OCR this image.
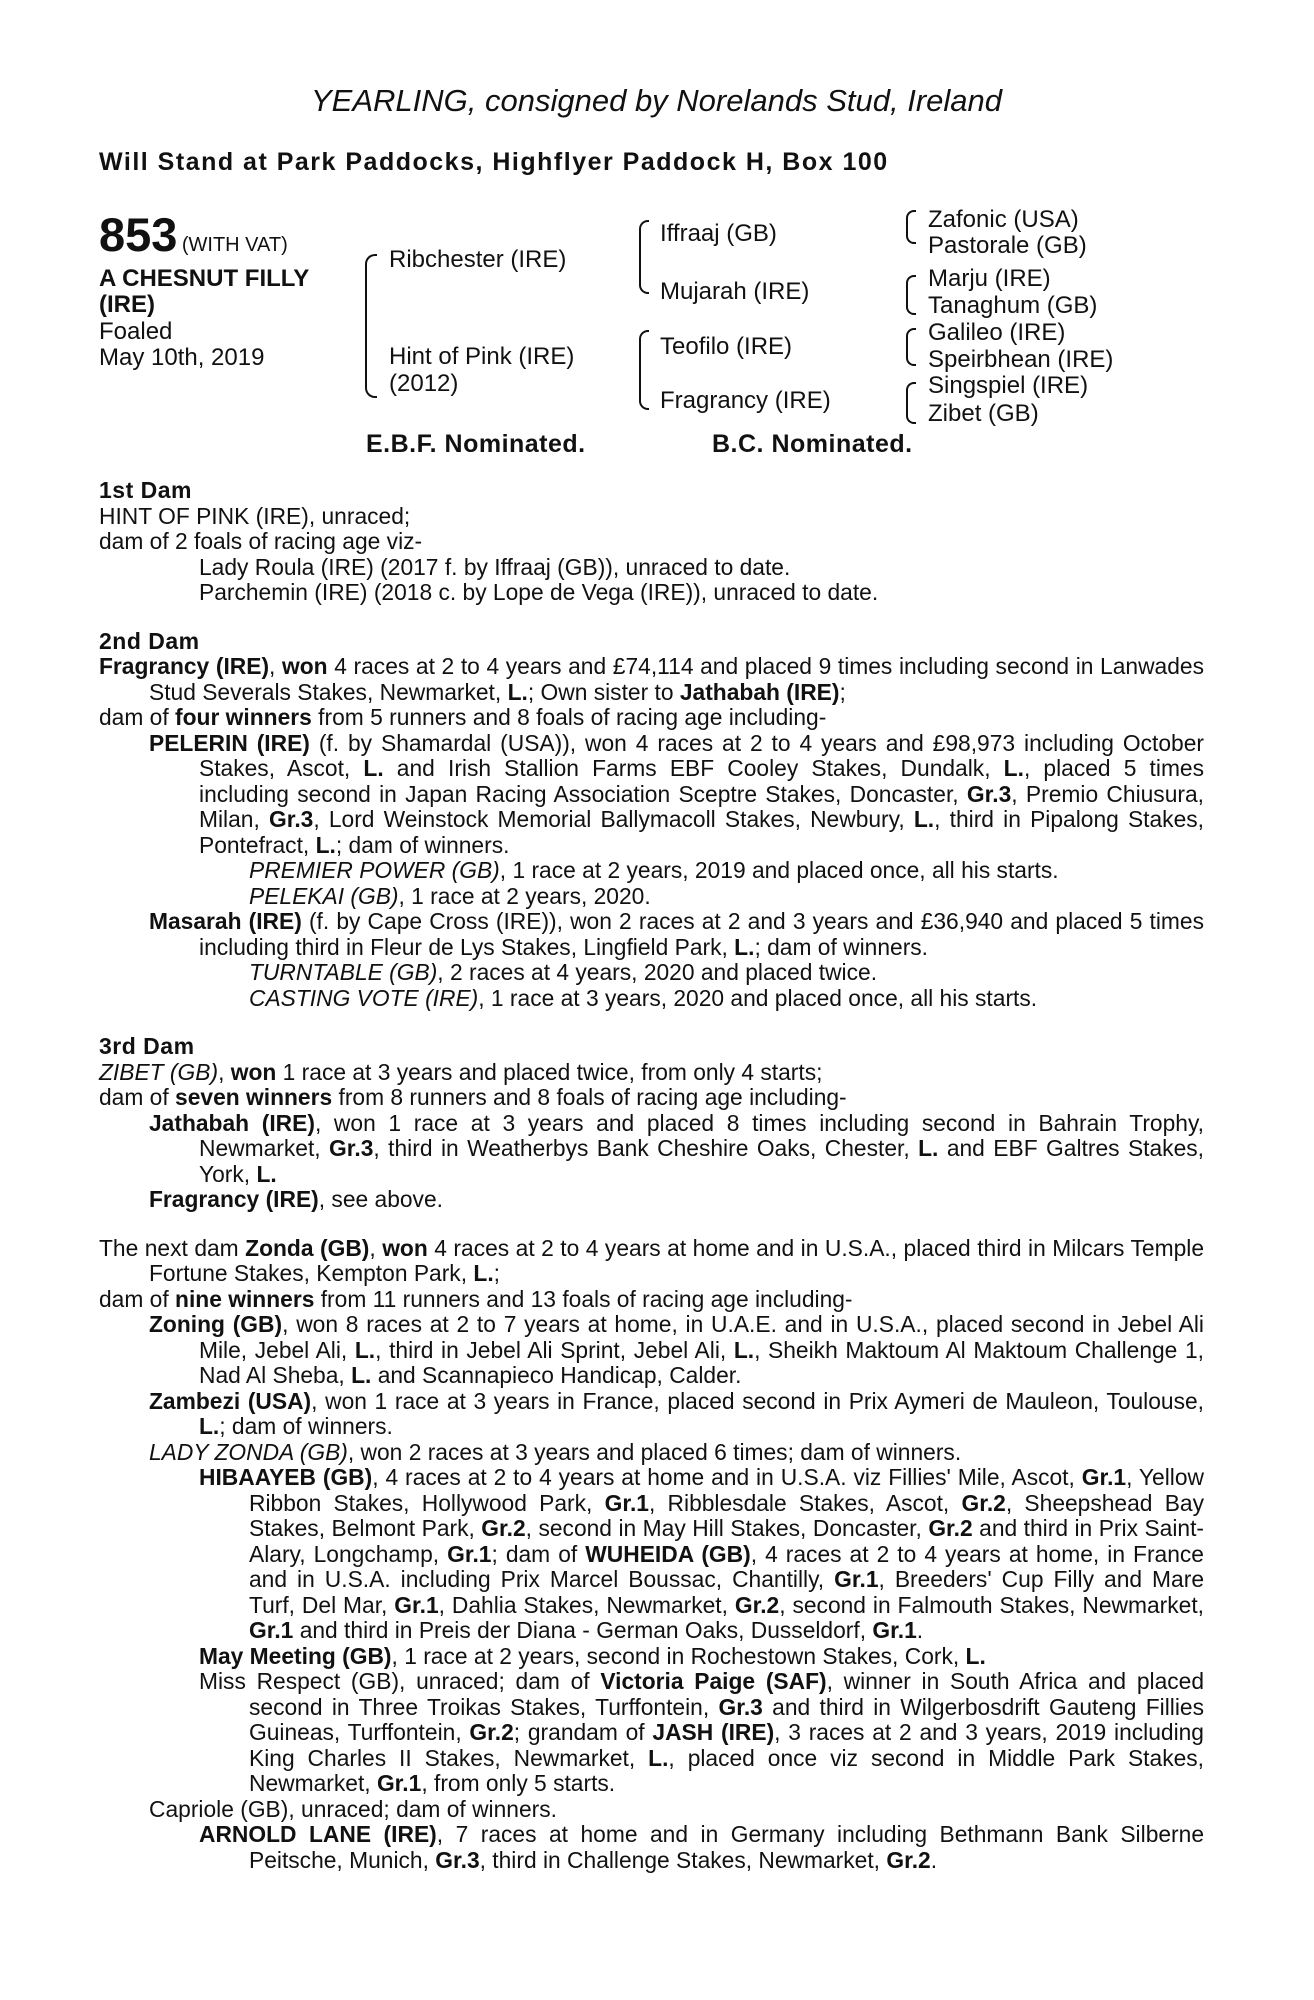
YEARLING, consigned by Norelands Stud, Ireland
Will Stand at Park Paddocks, Highflyer Paddock H, Box 100
853 (WITH VAT)
A CHESNUT FILLY
(IRE)
Foaled
May 10th, 2019
Ribchester (IRE)
Hint of Pink (IRE)
(2012)
Iffraaj (GB)
Mujarah (IRE)
Teofilo (IRE)
Fragrancy (IRE)
Zafonic (USA)
Pastorale (GB)
Marju (IRE)
Tanaghum (GB)
Galileo (IRE)
Speirbhean (IRE)
Singspiel (IRE)
Zibet (GB)
E.B.F. Nominated.	B.C. Nominated.
1st Dam
HINT OF PINK (IRE), unraced;
dam of 2 foals of racing age viz-
Lady Roula (IRE) (2017 f. by Iffraaj (GB)), unraced to date.
Parchemin (IRE) (2018 c. by Lope de Vega (IRE)), unraced to date.
2nd Dam
Fragrancy (IRE), won 4 races at 2 to 4 years and £74,114 and placed 9 times including second in Lanwades Stud Severals Stakes, Newmarket, L.; Own sister to Jathabah (IRE);
dam of four winners from 5 runners and 8 foals of racing age including-
PELERIN (IRE) (f. by Shamardal (USA)), won 4 races at 2 to 4 years and £98,973 including October Stakes, Ascot, L. and Irish Stallion Farms EBF Cooley Stakes, Dundalk, L., placed 5 times including second in Japan Racing Association Sceptre Stakes, Doncaster, Gr.3, Premio Chiusura, Milan, Gr.3, Lord Weinstock Memorial Ballymacoll Stakes, Newbury, L., third in Pipalong Stakes, Pontefract, L.; dam of winners.
PREMIER POWER (GB), 1 race at 2 years, 2019 and placed once, all his starts.
PELEKAI (GB), 1 race at 2 years, 2020.
Masarah (IRE) (f. by Cape Cross (IRE)), won 2 races at 2 and 3 years and £36,940 and placed 5 times including third in Fleur de Lys Stakes, Lingfield Park, L.; dam of winners.
TURNTABLE (GB), 2 races at 4 years, 2020 and placed twice.
CASTING VOTE (IRE), 1 race at 3 years, 2020 and placed once, all his starts.
3rd Dam
ZIBET (GB), won 1 race at 3 years and placed twice, from only 4 starts;
dam of seven winners from 8 runners and 8 foals of racing age including-
Jathabah (IRE), won 1 race at 3 years and placed 8 times including second in Bahrain Trophy, Newmarket, Gr.3, third in Weatherbys Bank Cheshire Oaks, Chester, L. and EBF Galtres Stakes, York, L.
Fragrancy (IRE), see above.
The next dam Zonda (GB), won 4 races at 2 to 4 years at home and in U.S.A., placed third in Milcars Temple Fortune Stakes, Kempton Park, L.;
dam of nine winners from 11 runners and 13 foals of racing age including-
Zoning (GB), won 8 races at 2 to 7 years at home, in U.A.E. and in U.S.A., placed second in Jebel Ali Mile, Jebel Ali, L., third in Jebel Ali Sprint, Jebel Ali, L., Sheikh Maktoum Al Maktoum Challenge 1, Nad Al Sheba, L. and Scannapieco Handicap, Calder.
Zambezi (USA), won 1 race at 3 years in France, placed second in Prix Aymeri de Mauleon, Toulouse, L.; dam of winners.
LADY ZONDA (GB), won 2 races at 3 years and placed 6 times; dam of winners.
HIBAAYEB (GB), 4 races at 2 to 4 years at home and in U.S.A. viz Fillies' Mile, Ascot, Gr.1, Yellow Ribbon Stakes, Hollywood Park, Gr.1, Ribblesdale Stakes, Ascot, Gr.2, Sheepshead Bay Stakes, Belmont Park, Gr.2, second in May Hill Stakes, Doncaster, Gr.2 and third in Prix Saint-Alary, Longchamp, Gr.1; dam of WUHEIDA (GB), 4 races at 2 to 4 years at home, in France and in U.S.A. including Prix Marcel Boussac, Chantilly, Gr.1, Breeders' Cup Filly and Mare Turf, Del Mar, Gr.1, Dahlia Stakes, Newmarket, Gr.2, second in Falmouth Stakes, Newmarket, Gr.1 and third in Preis der Diana - German Oaks, Dusseldorf, Gr.1.
May Meeting (GB), 1 race at 2 years, second in Rochestown Stakes, Cork, L.
Miss Respect (GB), unraced; dam of Victoria Paige (SAF), winner in South Africa and placed second in Three Troikas Stakes, Turffontein, Gr.3 and third in Wilgerbosdrift Gauteng Fillies Guineas, Turffontein, Gr.2; grandam of JASH (IRE), 3 races at 2 and 3 years, 2019 including King Charles II Stakes, Newmarket, L., placed once viz second in Middle Park Stakes, Newmarket, Gr.1, from only 5 starts.
Capriole (GB), unraced; dam of winners.
ARNOLD LANE (IRE), 7 races at home and in Germany including Bethmann Bank Silberne Peitsche, Munich, Gr.3, third in Challenge Stakes, Newmarket, Gr.2.
